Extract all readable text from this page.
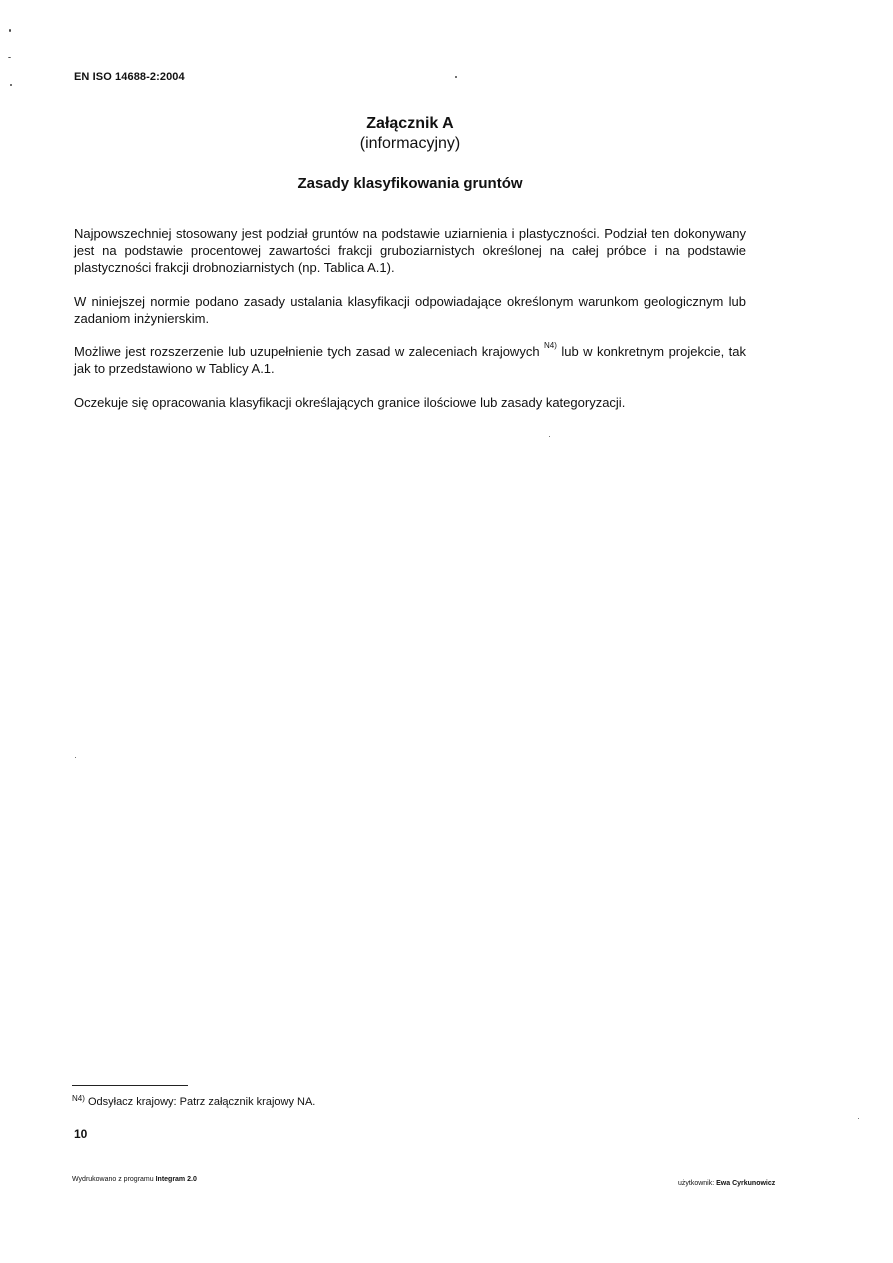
EN ISO 14688-2:2004
Załącznik A
(informacyjny)
Zasady klasyfikowania gruntów

Najpowszechniej stosowany jest podział gruntów na podstawie uziarnienia i plastyczności. Podział ten dokonywany jest na podstawie procentowej zawartości frakcji gruboziarnistych określonej na całej próbce i na podstawie plastyczności frakcji drobnoziarnistych (np. Tablica A.1).

W niniejszej normie podano zasady ustalania klasyfikacji odpowiadające określonym warunkom geologicznym lub zadaniom inżynierskim.

Możliwe jest rozszerzenie lub uzupełnienie tych zasad w zaleceniach krajowych $^{N4)}$ lub w konkretnym projekcie, tak jak to przedstawiono w Tablicy A.1.

Oczekuje się opracowania klasyfikacji określających granice ilościowe lub zasady kategoryzacji.

$^{N4)}$ Odsyłacz krajowy: Patrz załącznik krajowy NA.
10
Wydrukowano z programu Integram 2.0
użytkownik: Ewa Cyrkunowicz
